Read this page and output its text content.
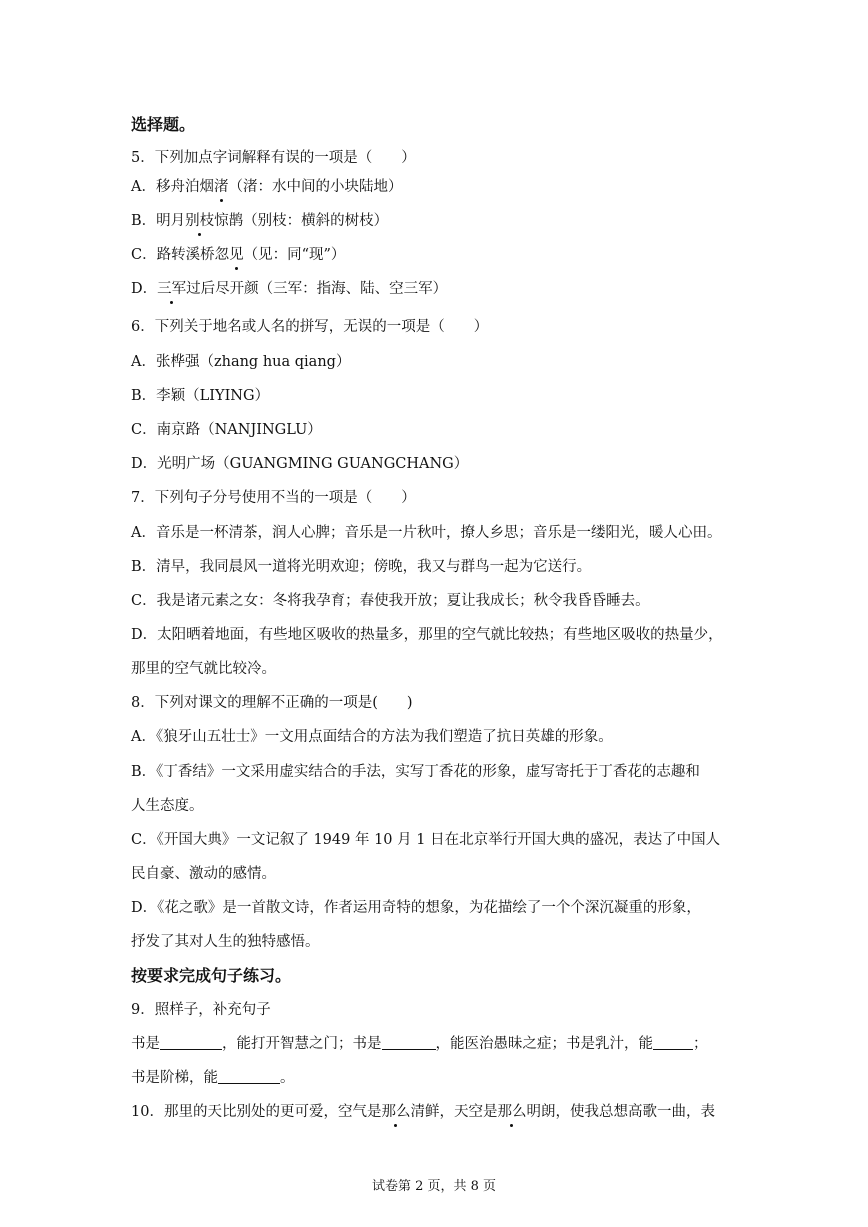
选择题。
5．下列加点字词解释有误的一项是（　　）
A．移舟泊烟渚（渚：水中间的小块陆地）
B．明月别枝惊鹊（别枝：横斜的树枝）
C．路转溪桥忽见（见：同“现”）
D．三军过后尽开颜（三军：指海、陆、空三军）
6．下列关于地名或人名的拼写，无误的一项是（　　）
A．张桦强（zhang hua qiang）
B．李颖（LIYING）
C．南京路（NANJINGLU）
D．光明广场（GUANGMING GUANGCHANG）
7．下列句子分号使用不当的一项是（　　）
A．音乐是一杯清茶，润人心脾；音乐是一片秋叶，撩人乡思；音乐是一缕阳光，暖人心田。
B．清早，我同晨风一道将光明欢迎；傍晚，我又与群鸟一起为它送行。
C．我是诸元素之女：冬将我孕育；春使我开放；夏让我成长；秋令我昏昏睡去。
D．太阳晒着地面，有些地区吸收的热量多，那里的空气就比较热；有些地区吸收的热量少，
那里的空气就比较冷。
8．下列对课文的理解不正确的一项是(　　)
A．《狼牙山五壮士》一文用点面结合的方法为我们塑造了抗日英雄的形象。
B．《丁香结》一文采用虚实结合的手法，实写丁香花的形象，虚写寄托于丁香花的志趣和
人生态度。
C．《开国大典》一文记叙了 1949 年 10 月 1 日在北京举行开国大典的盛况，表达了中国人
民自豪、激动的感情。
D．《花之歌》是一首散文诗，作者运用奇特的想象，为花描绘了一个个深沉凝重的形象，
抒发了其对人生的独特感悟。
按要求完成句子练习。
9．照样子，补充句子
书是	，能打开智慧之门；书是	，能医治愚昧之症；书是乳汁，能	；
书是阶梯，能	。
10．那里的天比别处的更可爱，空气是那么清鲜，天空是那么明朗，使我总想高歌一曲，表
试卷第 2 页，共 8 页
